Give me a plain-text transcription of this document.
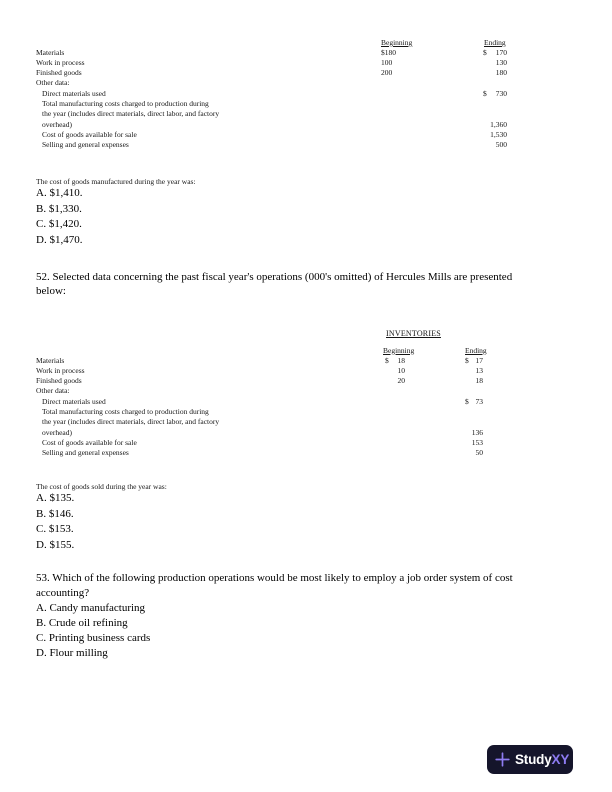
Beginning	Ending
Materials	$180	$	170
Work in process	100	130
Finished goods	200	180
Other data:
Direct materials used	$	730
Total manufacturing costs charged to production during
the year (includes direct materials, direct labor, and factory
overhead)	1,360
Cost of goods available for sale	1,530
Selling and general expenses	500
The cost of goods manufactured during the year was:
A. $1,410.
B. $1,330.
C. $1,420.
D. $1,470.
52. Selected data concerning the past fiscal year's operations (000's omitted) of Hercules Mills are presented
below:
INVENTORIES
Beginning	Ending
Materials	$	18	$ 17
Work in process	10	13
Finished goods	20	18
Other data:
Direct materials used	$ 73
Total manufacturing costs charged to production during
the year (includes direct materials, direct labor, and factory
overhead)	136
Cost of goods available for sale	153
Selling and general expenses	50
The cost of goods sold during the year was:
A. $135.
B. $146.
C. $153.
D. $155.
53. Which of the following production operations would be most likely to employ a job order system of cost
accounting?
A. Candy manufacturing
B. Crude oil refining
C. Printing business cards
D. Flour milling
StudyXY
